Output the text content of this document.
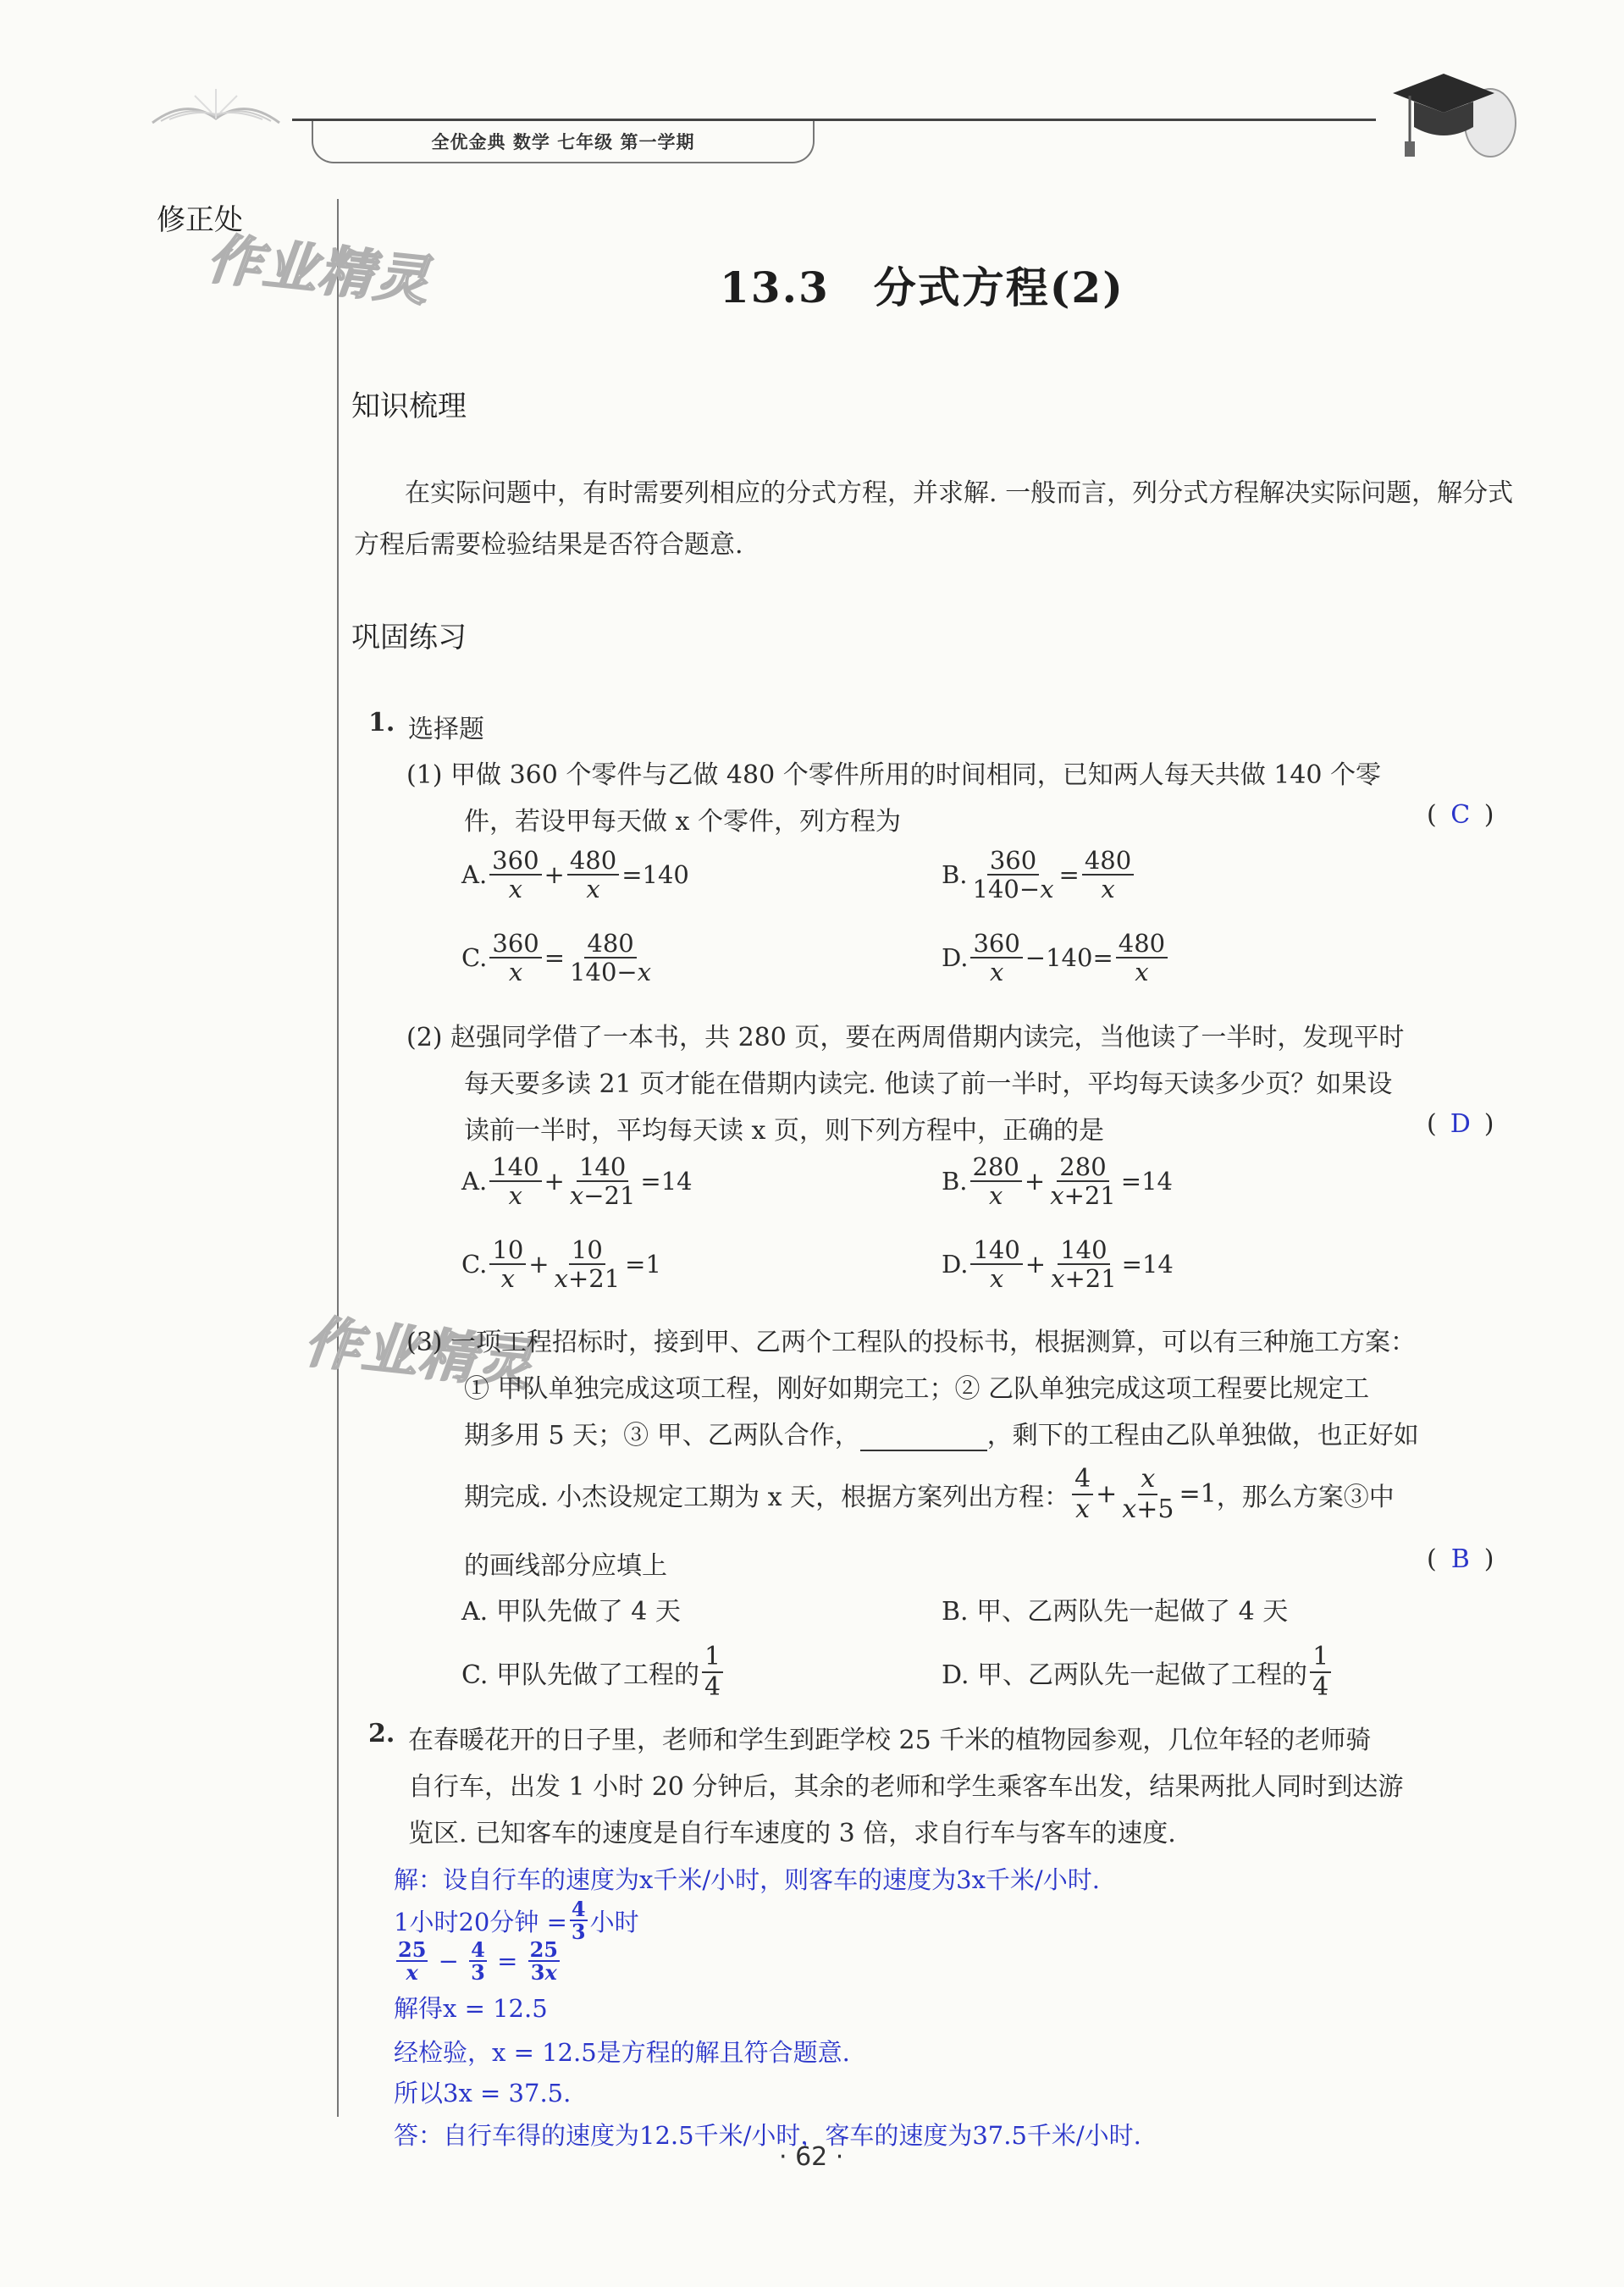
全优金典 数学 七年级 第一学期
修正处
作业精灵
作业精灵
13.3　分式方程(2)
知识梳理
在实际问题中，有时需要列相应的分式方程，并求解. 一般而言，列分式方程解决实际问题，解分式方程后需要检验结果是否符合题意.
巩固练习
1. 选择题
(1) 甲做 360 个零件与乙做 480 个零件所用的时间相同，已知两人每天共做 140 个零
件，若设甲每天做 x 个零件，列方程为	( C )
A. $\frac{360}{x} + \frac{480}{x} =140$	B. $\frac{360}{140-x} = \frac{480}{x}$
C. $\frac{360}{x} = \frac{480}{140-x}$	D. $\frac{360}{x} -140= \frac{480}{x}$
(2) 赵强同学借了一本书，共 280 页，要在两周借期内读完，当他读了一半时，发现平时
每天要多读 21 页才能在借期内读完. 他读了前一半时，平均每天读多少页？如果设
读前一半时，平均每天读 x 页，则下列方程中，正确的是	( D )
A. $\frac{140}{x} + \frac{140}{x-21} =14$	B. $\frac{280}{x} + \frac{280}{x+21} =14$
C. $\frac{10}{x} + \frac{10}{x+21} =1$	D. $\frac{140}{x} + \frac{140}{x+21} =14$
(3) 一项工程招标时，接到甲、乙两个工程队的投标书，根据测算，可以有三种施工方案：
① 甲队单独完成这项工程，刚好如期完工；② 乙队单独完成这项工程要比规定工
期多用 5 天；③ 甲、乙两队合作，	，剩下的工程由乙队单独做，也正好如
期完成. 小杰设规定工期为 x 天，根据方案列出方程： $\frac{4}{x} + \frac{x}{x+5} =1$ ，那么方案③中
的画线部分应填上	( B )
A. 甲队先做了 4 天	B. 甲、乙两队先一起做了 4 天
C. 甲队先做了工程的 $\frac{1}{4}$	D. 甲、乙两队先一起做了工程的 $\frac{1}{4}$
2. 在春暖花开的日子里，老师和学生到距学校 25 千米的植物园参观，几位年轻的老师骑
自行车，出发 1 小时 20 分钟后，其余的老师和学生乘客车出发，结果两批人同时到达游
览区. 已知客车的速度是自行车速度的 3 倍，求自行车与客车的速度.
解：设自行车的速度为x千米/小时，则客车的速度为3x千米/小时.
1小时20分钟 = $\frac{4}{3}$ 小时
25
x − 4
3 = 25
3x
解得x = 12.5
经检验，x = 12.5是方程的解且符合题意.
所以3x = 37.5.
答：自行车得的速度为12.5千米/小时，客车的速度为37.5千米/小时.
· 62 ·
